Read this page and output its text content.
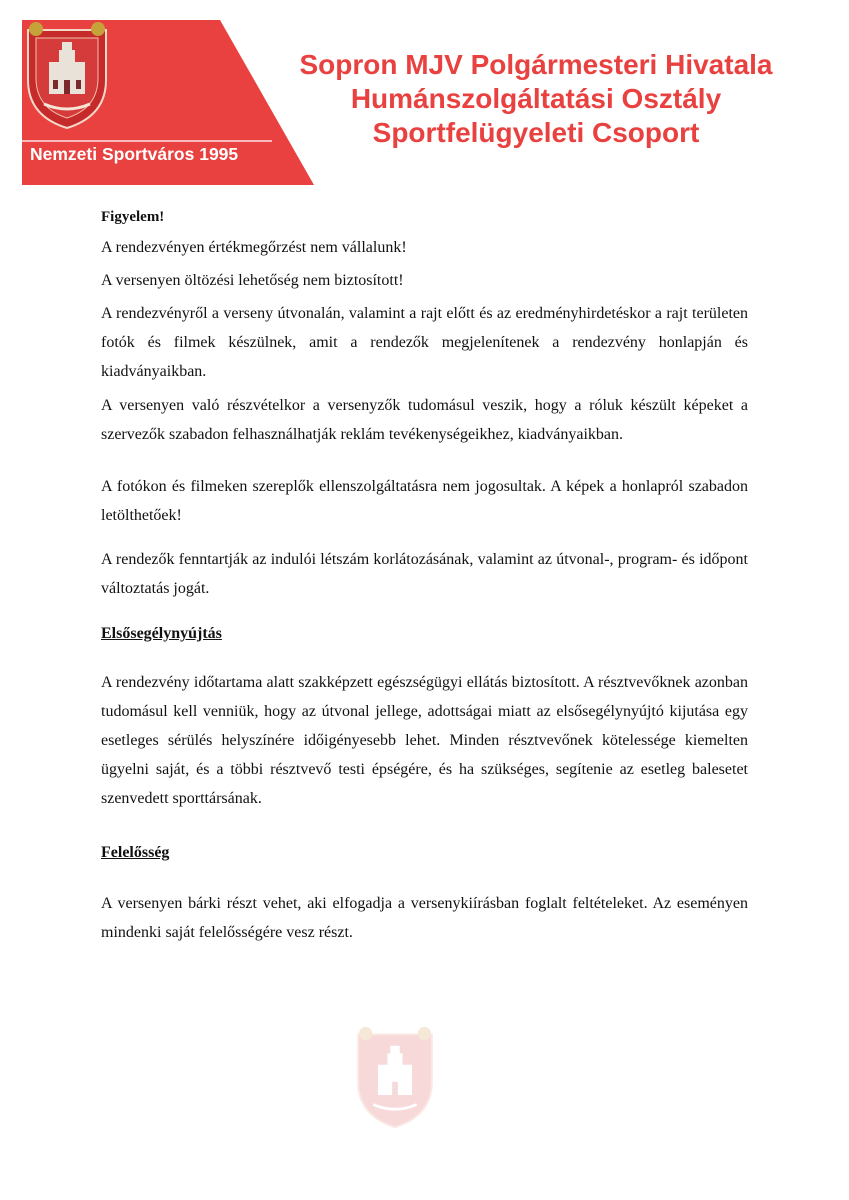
Nemzeti Sportváros 1995
Sopron MJV Polgármesteri Hivatala
Humánszolgáltatási Osztály
Sportfelügyeleti Csoport

Figyelem!

A rendezvényen értékmegőrzést nem vállalunk!

A versenyen öltözési lehetőség nem biztosított!

A rendezvényről a verseny útvonalán, valamint a rajt előtt és az eredményhirdetéskor a rajt területen fotók és filmek készülnek, amit a rendezők megjelenítenek a rendezvény honlapján és kiadványaikban.

A versenyen való részvételkor a versenyzők tudomásul veszik, hogy a róluk készült képeket a szervezők szabadon felhasználhatják reklám tevékenységeikhez, kiadványaikban.

A fotókon és filmeken szereplők ellenszolgáltatásra nem jogosultak. A képek a honlapról szabadon letölthetőek!

A rendezők fenntartják az indulói létszám korlátozásának, valamint az útvonal-, program- és időpont változtatás jogát.

Elsősegélynyújtás

A rendezvény időtartama alatt szakképzett egészségügyi ellátás biztosított. A résztvevőknek azonban tudomásul kell venniük, hogy az útvonal jellege, adottságai miatt az elsősegélynyújtó kijutása egy esetleges sérülés helyszínére időigényesebb lehet. Minden résztvevőnek kötelessége kiemelten ügyelni saját, és a többi résztvevő testi épségére, és ha szükséges, segítenie az esetleg balesetet szenvedett sporttársának.

Felelősség

A versenyen bárki részt vehet, aki elfogadja a versenykiírásban foglalt feltételeket. Az eseményen mindenki saját felelősségére vesz részt.
